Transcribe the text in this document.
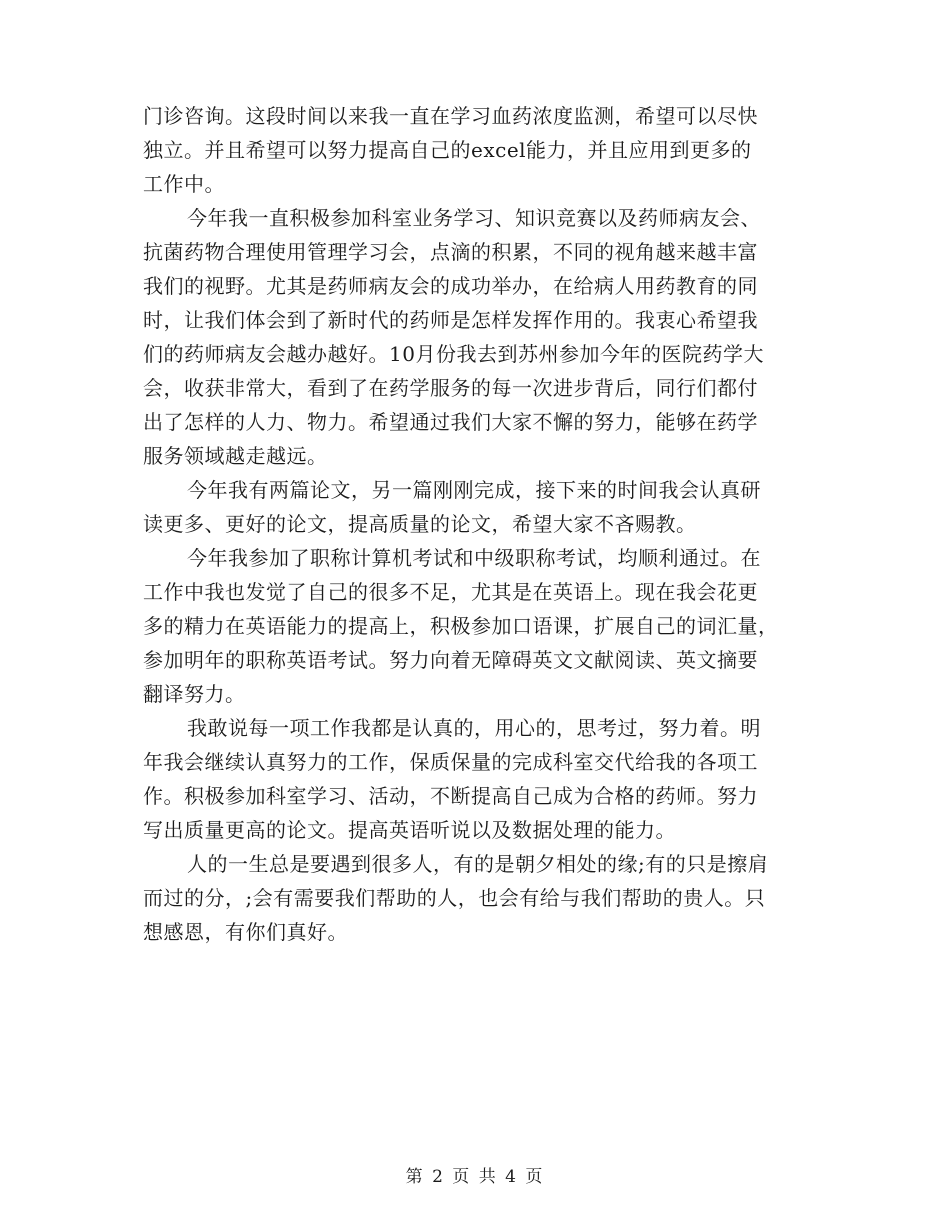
门诊咨询。这段时间以来我一直在学习血药浓度监测，希望可以尽快
独立。并且希望可以努力提高自己的excel能力，并且应用到更多的
工作中。
今年我一直积极参加科室业务学习、知识竞赛以及药师病友会、
抗菌药物合理使用管理学习会，点滴的积累，不同的视角越来越丰富
我们的视野。尤其是药师病友会的成功举办，在给病人用药教育的同
时，让我们体会到了新时代的药师是怎样发挥作用的。我衷心希望我
们的药师病友会越办越好。10月份我去到苏州参加今年的医院药学大
会，收获非常大，看到了在药学服务的每一次进步背后，同行们都付
出了怎样的人力、物力。希望通过我们大家不懈的努力，能够在药学
服务领域越走越远。
今年我有两篇论文，另一篇刚刚完成，接下来的时间我会认真研
读更多、更好的论文，提高质量的论文，希望大家不吝赐教。
今年我参加了职称计算机考试和中级职称考试，均顺利通过。在
工作中我也发觉了自己的很多不足，尤其是在英语上。现在我会花更
多的精力在英语能力的提高上，积极参加口语课，扩展自己的词汇量，
参加明年的职称英语考试。努力向着无障碍英文文献阅读、英文摘要
翻译努力。
我敢说每一项工作我都是认真的，用心的，思考过，努力着。明
年我会继续认真努力的工作，保质保量的完成科室交代给我的各项工
作。积极参加科室学习、活动，不断提高自己成为合格的药师。努力
写出质量更高的论文。提高英语听说以及数据处理的能力。
人的一生总是要遇到很多人，有的是朝夕相处的缘;有的只是擦肩
而过的分，;会有需要我们帮助的人，也会有给与我们帮助的贵人。只
想感恩，有你们真好。
第 2 页 共 4 页
